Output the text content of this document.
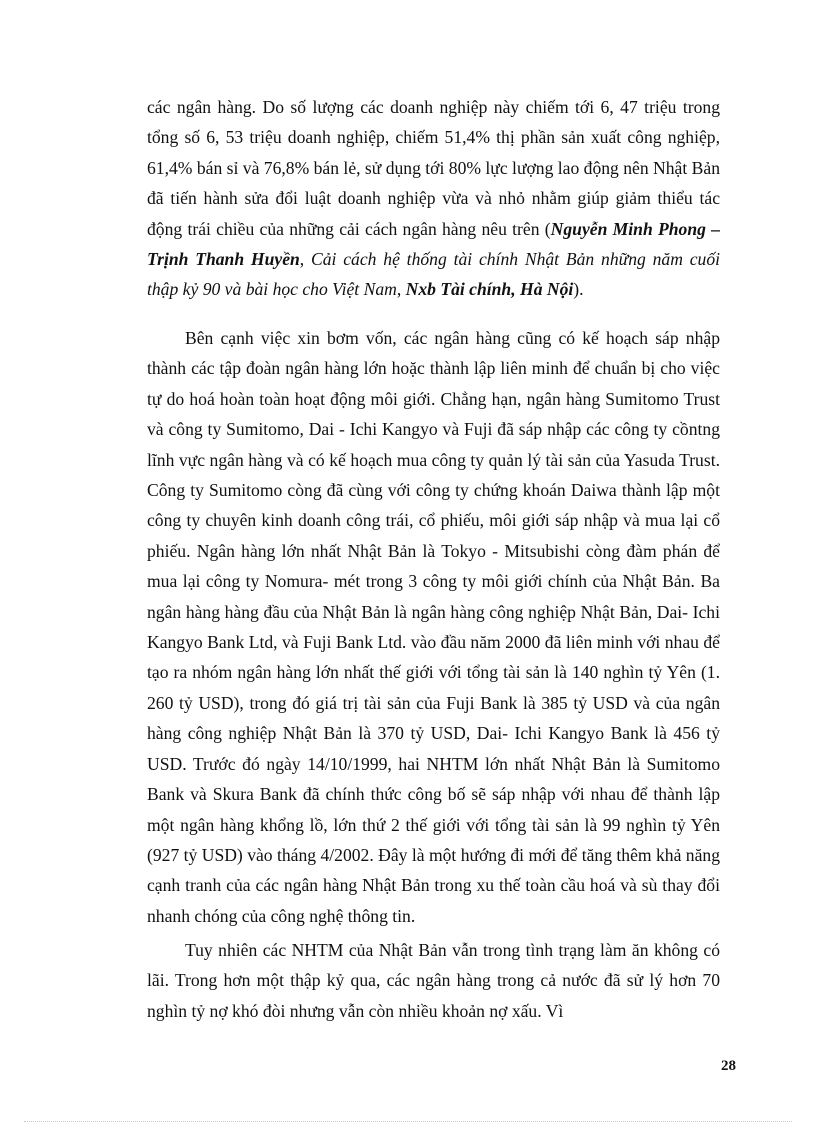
các ngân hàng. Do số lượng các doanh nghiệp này chiếm tới 6, 47 triệu trong tổng số 6, 53 triệu doanh nghiệp, chiếm 51,4% thị phần sản xuất công nghiệp, 61,4% bán sỉ và 76,8% bán lẻ, sử dụng tới 80% lực lượng lao động nên Nhật Bản đã tiến hành sửa đổi luật doanh nghiệp vừa và nhỏ nhằm giúp giảm thiểu tác động trái chiều của những cải cách ngân hàng nêu trên (Nguyễn Minh Phong – Trịnh Thanh Huyền, Cải cách hệ thống tài chính Nhật Bản những năm cuối thập kỷ 90 và bài học cho Việt Nam, Nxb Tài chính, Hà Nội).

Bên cạnh việc xin bơm vốn, các ngân hàng cũng có kế hoạch sáp nhập thành các tập đoàn ngân hàng lớn hoặc thành lập liên minh để chuẩn bị cho việc tự do hoá hoàn toàn hoạt động môi giới. Chẳng hạn, ngân hàng Sumitomo Trust và công ty Sumitomo, Dai - Ichi Kangyo và Fuji đã sáp nhập các công ty cồntng lĩnh vực ngân hàng và có kế hoạch mua công ty quản lý tài sản của Yasuda Trust. Công ty Sumitomo còng đã cùng với công ty chứng khoán Daiwa thành lập một công ty chuyên kinh doanh công trái, cổ phiếu, môi giới sáp nhập và mua lại cổ phiếu. Ngân hàng lớn nhất Nhật Bản là Tokyo - Mitsubishi còng đàm phán để mua lại công ty Nomura- mét trong 3 công ty môi giới chính của Nhật Bản. Ba ngân hàng hàng đầu của Nhật Bản là ngân hàng công nghiệp Nhật Bản, Dai- Ichi Kangyo Bank Ltd, và Fuji Bank Ltd. vào đầu năm 2000 đã liên minh với nhau để tạo ra nhóm ngân hàng lớn nhất thế giới với tổng tài sản là 140 nghìn tỷ Yên (1. 260 tỷ USD), trong đó giá trị tài sản của Fuji Bank là 385 tỷ USD và của ngân hàng công nghiệp Nhật Bản là 370 tỷ USD, Dai- Ichi Kangyo Bank là 456 tỷ USD. Trước đó ngày 14/10/1999, hai NHTM lớn nhất Nhật Bản là Sumitomo Bank và Skura Bank đã chính thức công bố sẽ sáp nhập với nhau để thành lập một ngân hàng khổng lồ, lớn thứ 2 thế giới với tổng tài sản là 99 nghìn tỷ Yên (927 tỷ USD) vào tháng 4/2002. Đây là một hướng đi mới để tăng thêm khả năng cạnh tranh của các ngân hàng Nhật Bản trong xu thế toàn cầu hoá và sù thay đổi nhanh chóng của công nghệ thông tin.

Tuy nhiên các NHTM của Nhật Bản vẫn trong tình trạng làm ăn không có lãi. Trong hơn một thập kỷ qua, các ngân hàng trong cả nước đã sử lý hơn 70 nghìn tỷ nợ khó đòi nhưng vẫn còn nhiều khoản nợ xấu. Vì

28
